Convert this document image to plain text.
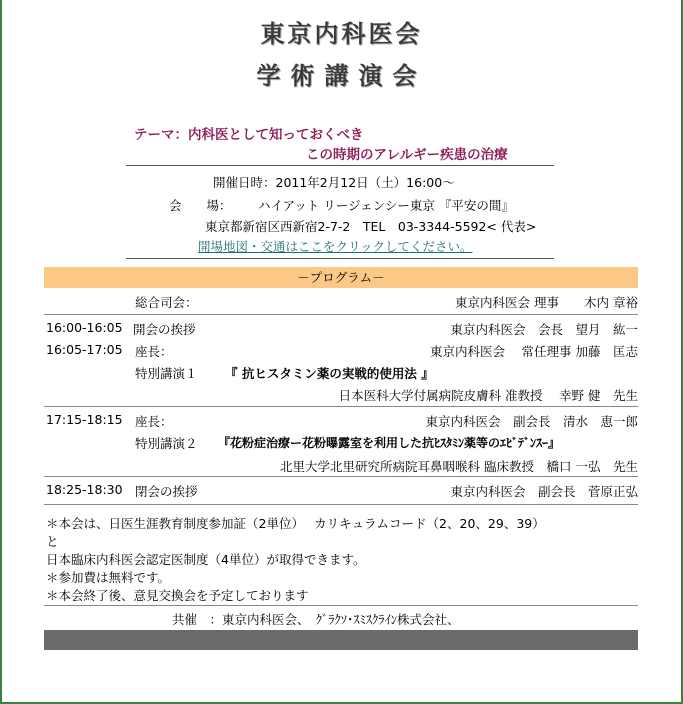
東京内科医会
学術講演会
テーマ：内科医として知っておくべき
この時期のアレルギー疾患の治療
開催日時：2011年2月12日（土）16:00～
会　　場： ハイアット リージェンシー東京 『平安の間』
東京都新宿区西新宿2-7-2　TEL　03-3344-5592< 代表>
開場地図・交通はここをクリックしてください。
－プログラム－
総合司会：	東京内科医会 理事　　木内 章裕
16:00-16:05 開会の挨拶	東京内科医会　会長　望月　紘一
16:05-17:05 座長：	東京内科医会　 常任理事 加藤　匡志
特別講演１ 『 抗ヒスタミン薬の実戦的使用法 』
日本医科大学付属病院皮膚科 准教授　 幸野 健　先生
17:15-18:15 座長：	東京内科医会　副会長　清水　恵一郎
特別講演２ 『花粉症治療ー花粉曝露室を利用した抗ﾋｽﾀﾐﾝ薬等のｴﾋﾞﾃﾞﾝｽｰ』
北里大学北里研究所病院耳鼻咽喉科 臨床教授　橋口 一弘　先生
18:25-18:30 閉会の挨拶	東京内科医会　副会長　菅原正弘
＊本会は、日医生涯教育制度参加証（2単位）　 カリキュラムコード（2、20、29、39）
と
日本臨床内科医会認定医制度（4単位）が取得できます。
＊参加費は無料です。
＊本会終了後、意見交換会を予定しております
共催　：東京内科医会、　ｸﾞﾗｸｿ･ｽﾐｽｸﾗｲﾝ株式会社、
